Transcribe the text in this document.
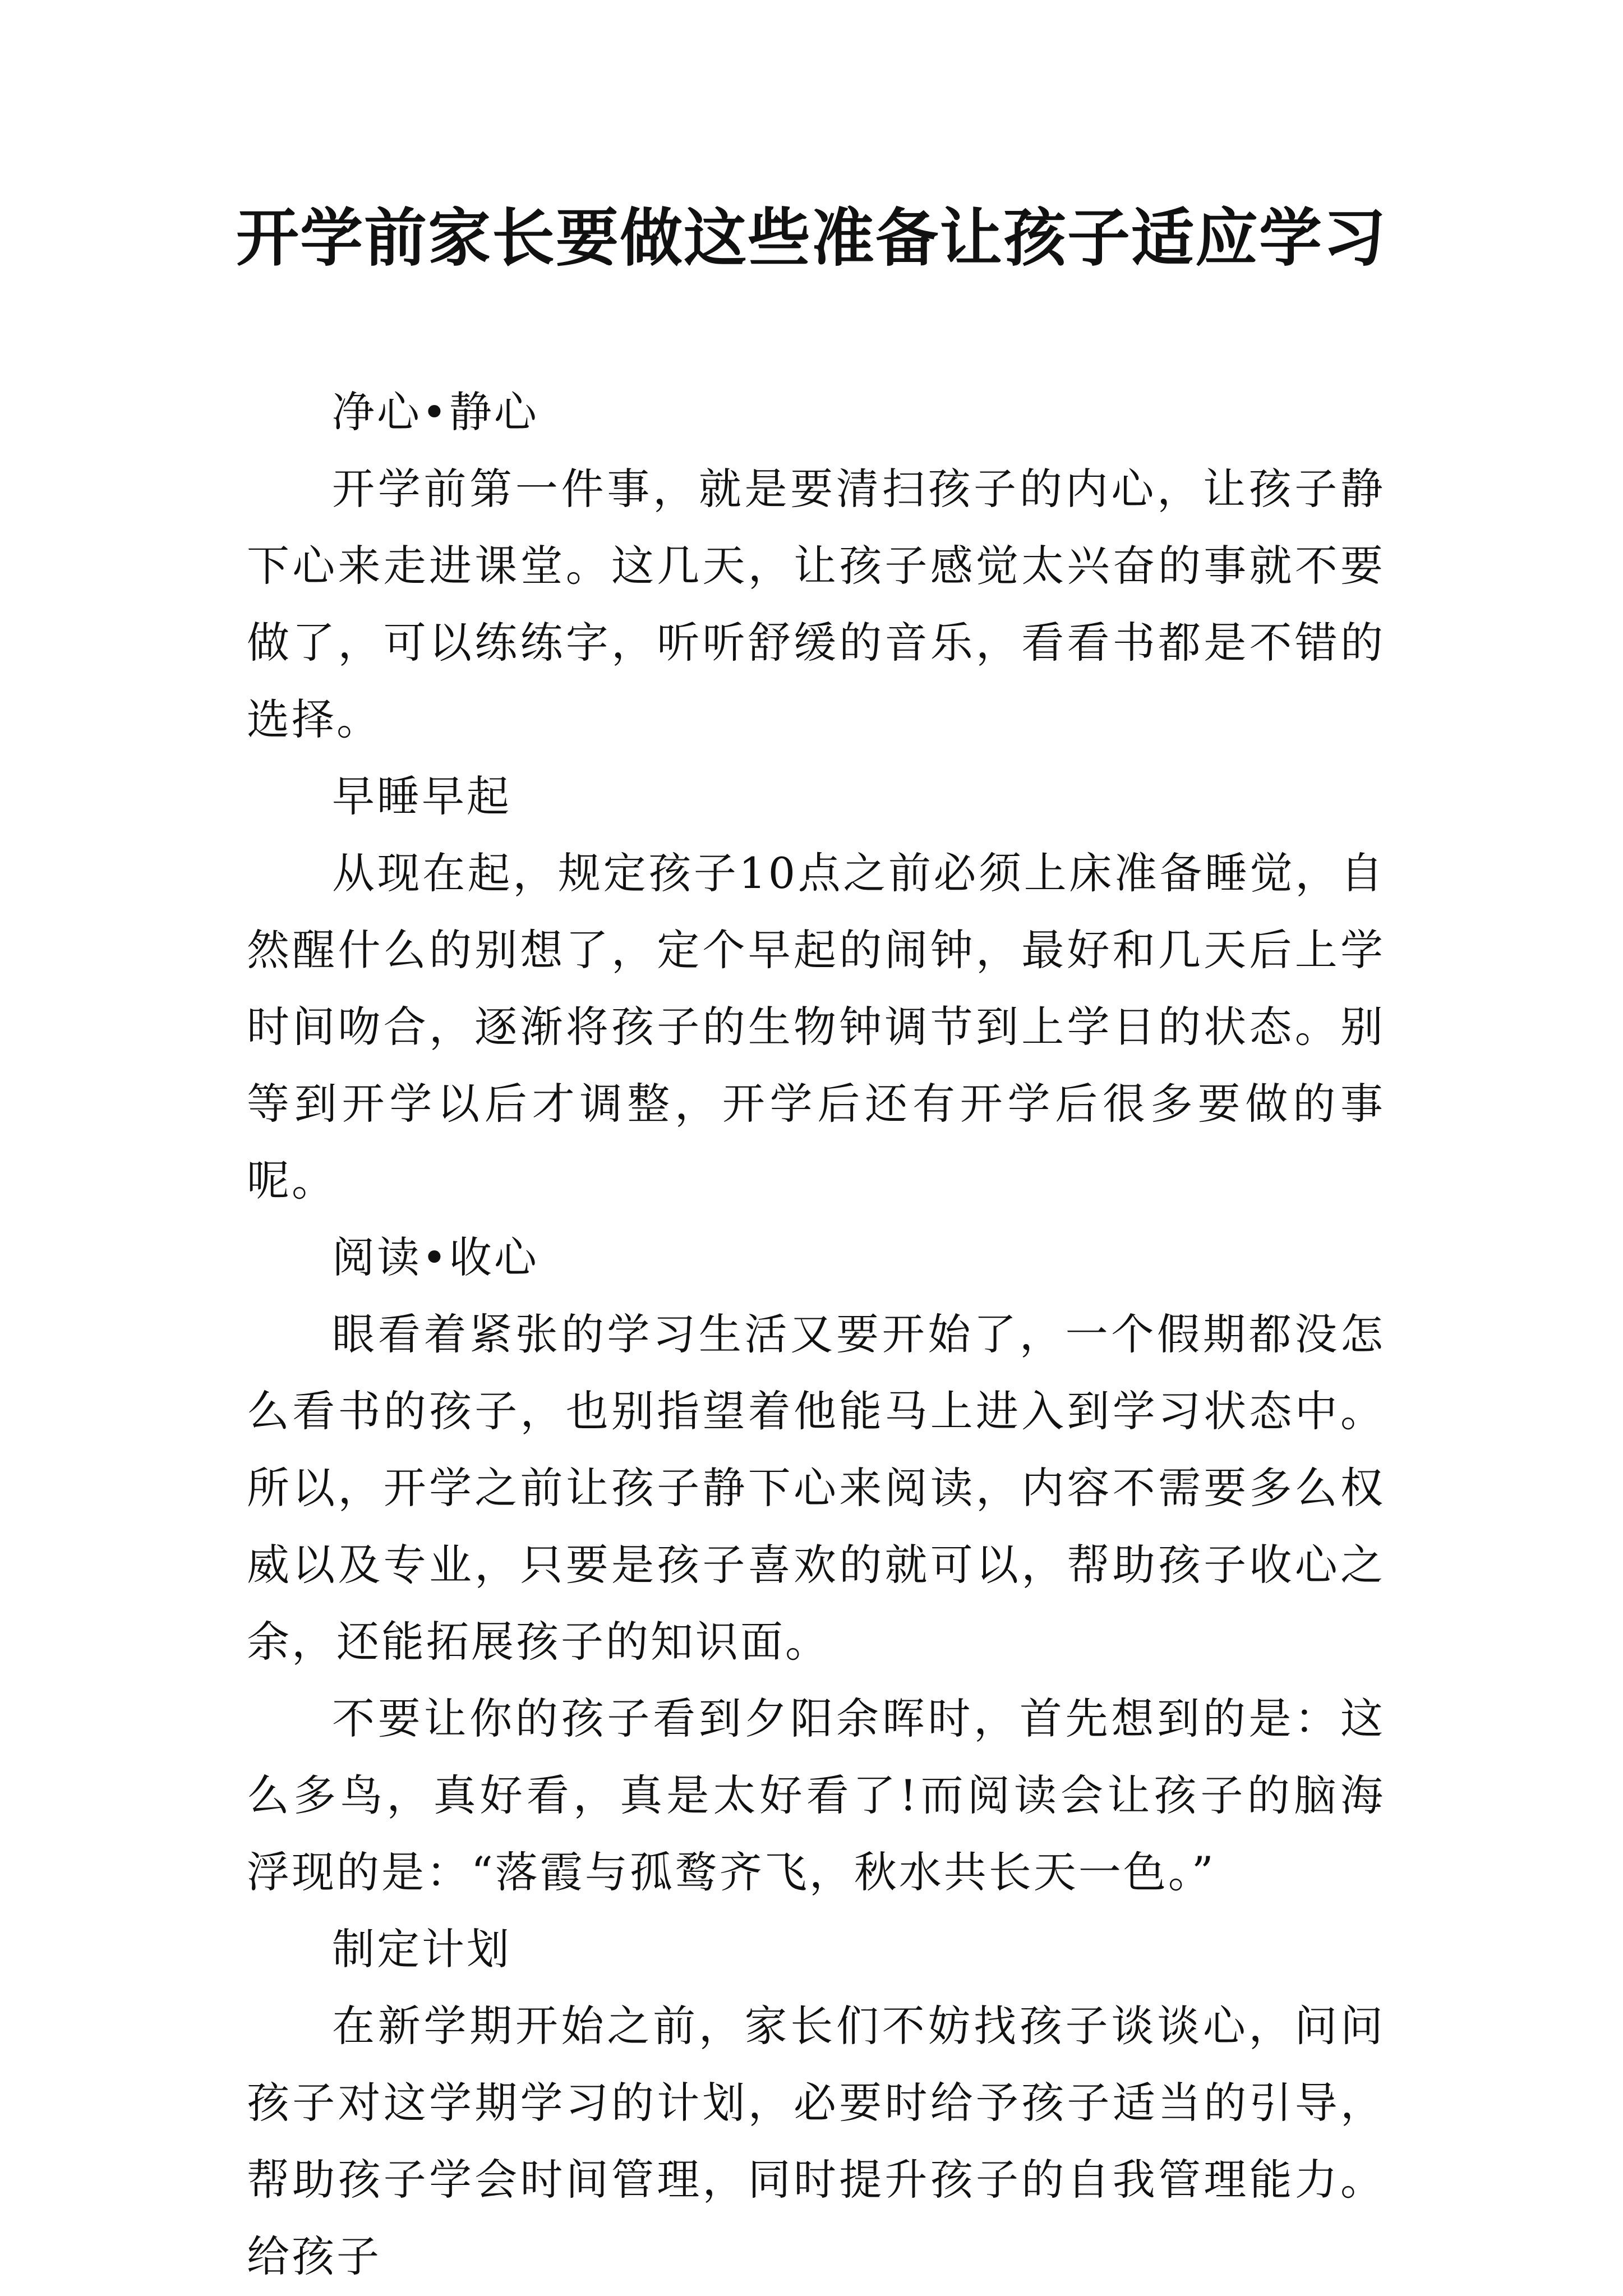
开学前家长要做这些准备让孩子适应学习

净心•静心

开学前第一件事，就是要清扫孩子的内心，让孩子静下心来走进课堂。这几天，让孩子感觉太兴奋的事就不要做了，可以练练字，听听舒缓的音乐，看看书都是不错的选择。

早睡早起

从现在起，规定孩子10点之前必须上床准备睡觉，自然醒什么的别想了，定个早起的闹钟，最好和几天后上学时间吻合，逐渐将孩子的生物钟调节到上学日的状态。别等到开学以后才调整，开学后还有开学后很多要做的事呢。

阅读•收心

眼看着紧张的学习生活又要开始了，一个假期都没怎么看书的孩子，也别指望着他能马上进入到学习状态中。所以，开学之前让孩子静下心来阅读，内容不需要多么权威以及专业，只要是孩子喜欢的就可以，帮助孩子收心之余，还能拓展孩子的知识面。

不要让你的孩子看到夕阳余晖时，首先想到的是：这么多鸟，真好看，真是太好看了!而阅读会让孩子的脑海浮现的是：“落霞与孤鹜齐飞，秋水共长天一色。”

制定计划

在新学期开始之前，家长们不妨找孩子谈谈心，问问孩子对这学期学习的计划，必要时给予孩子适当的引导，帮助孩子学会时间管理，同时提升孩子的自我管理能力。给孩子
